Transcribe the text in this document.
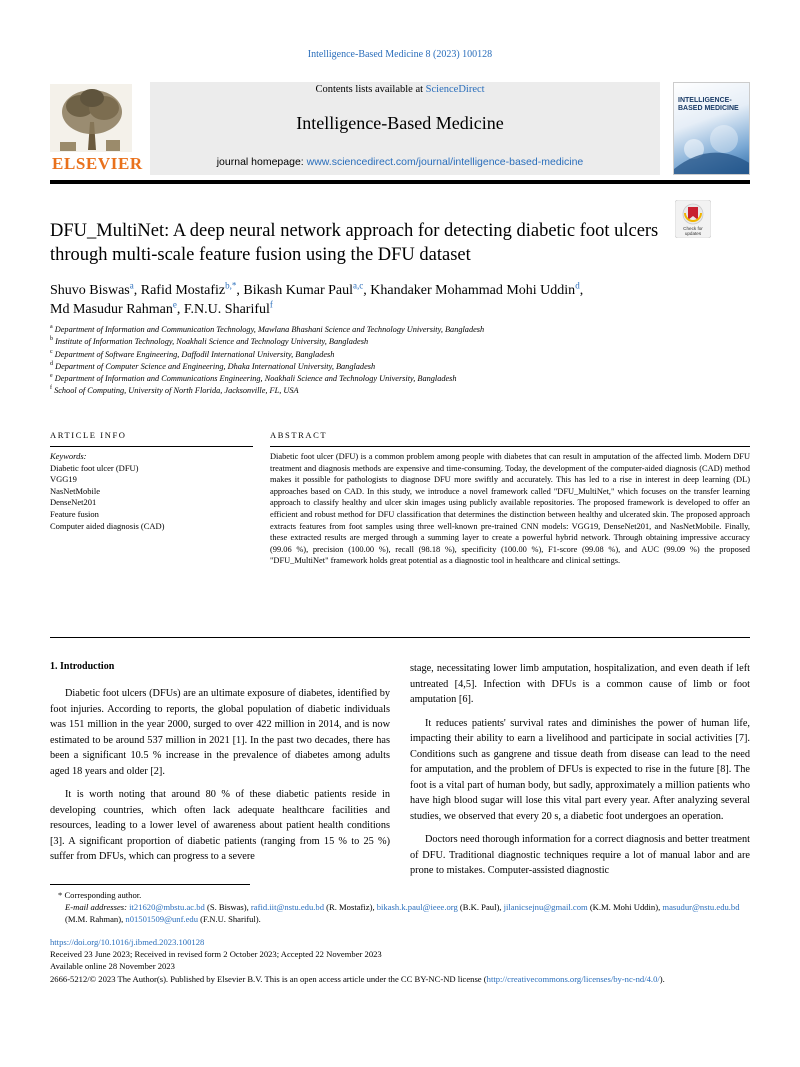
Intelligence-Based Medicine 8 (2023) 100128
ELSEVIER
Contents lists available at ScienceDirect
Intelligence-Based Medicine
journal homepage: www.sciencedirect.com/journal/intelligence-based-medicine
INTELLIGENCE-BASED MEDICINE
DFU_MultiNet: A deep neural network approach for detecting diabetic foot ulcers through multi-scale feature fusion using the DFU dataset
Check for updates
Shuvo Biswas$^a$, Rafid Mostafiz$^{b,*}$, Bikash Kumar Paul$^{a,c}$, Khandaker Mohammad Mohi Uddin$^d$,
Md Masudur Rahman$^e$, F.N.U. Shariful$^f$
$^a$ Department of Information and Communication Technology, Mawlana Bhashani Science and Technology University, Bangladesh
$^b$ Institute of Information Technology, Noakhali Science and Technology University, Bangladesh
$^c$ Department of Software Engineering, Daffodil International University, Bangladesh
$^d$ Department of Computer Science and Engineering, Dhaka International University, Bangladesh
$^e$ Department of Information and Communications Engineering, Noakhali Science and Technology University, Bangladesh
$^f$ School of Computing, University of North Florida, Jacksonville, FL, USA
ARTICLE INFO	ABSTRACT
Keywords:
Diabetic foot ulcer (DFU)
VGG19
NasNetMobile
DenseNet201
Feature fusion
Computer aided diagnosis (CAD)
Diabetic foot ulcer (DFU) is a common problem among people with diabetes that can result in amputation of the affected limb. Modern DFU treatment and diagnosis methods are expensive and time-consuming. Today, the development of the computer-aided diagnosis (CAD) method makes it possible for pathologists to diagnose DFU more swiftly and accurately. This has led to a rise in interest in deep learning (DL) approaches based on CAD. In this study, we introduce a novel framework called "DFU_MultiNet," which focuses on the transfer learning approach to classify healthy and ulcer skin images using publicly available repositories. The proposed framework is developed to offer an efficient and robust method for DFU classification that determines the distinction between healthy and ulcerated skin. The proposed approach extracts features from foot samples using three well-known pre-trained CNN models: VGG19, DenseNet201, and NasNetMobile. Finally, these extracted results are merged through a summing layer to create a powerful hybrid network. Through obtaining impressive accuracy (99.06 %), precision (100.00 %), recall (98.18 %), specificity (100.00 %), F1-score (99.08 %), and AUC (99.09 %) the proposed "DFU_MultiNet" framework holds great potential as a diagnostic tool in healthcare and clinical settings.
1. Introduction

Diabetic foot ulcers (DFUs) are an ultimate exposure of diabetes, identified by foot injuries. According to reports, the global population of diabetic individuals was 151 million in the year 2000, surged to over 422 million in 2014, and is now estimated to be around 537 million in 2021 [1]. In the past two decades, there has been a significant 10.5 % increase in the prevalence of diabetes among adults aged 18 years and older [2].

It is worth noting that around 80 % of these diabetic patients reside in developing countries, which often lack adequate healthcare facilities and resources, leading to a lower level of awareness about patient health conditions [3]. A significant proportion of diabetic patients (ranging from 15 % to 25 %) suffer from DFUs, which can progress to a severe

stage, necessitating lower limb amputation, hospitalization, and even death if left untreated [4,5]. Infection with DFUs is a common cause of limb or foot amputation [6].

It reduces patients' survival rates and diminishes the power of human life, impacting their ability to earn a livelihood and participate in social activities [7]. Conditions such as gangrene and tissue death from disease can lead to the need for amputation, and the problem of DFUs is expected to rise in the future [8]. The foot is a vital part of human body, but sadly, approximately a million patients who have high blood sugar will lose this vital part every year. After analyzing several studies, we observed that every 20 s, a diabetic foot undergoes an operation.

Doctors need thorough information for a correct diagnosis and better treatment of DFU. Traditional diagnostic techniques require a lot of manual labor and are prone to mistakes. Computer-assisted diagnostic

* Corresponding author.
E-mail addresses: it21620@mbstu.ac.bd (S. Biswas), rafid.iit@nstu.edu.bd (R. Mostafiz), bikash.k.paul@ieee.org (B.K. Paul), jilanicsejnu@gmail.com (K.M. Mohi Uddin), masudur@nstu.edu.bd (M.M. Rahman), n01501509@unf.edu (F.N.U. Shariful).
https://doi.org/10.1016/j.ibmed.2023.100128
Received 23 June 2023; Received in revised form 2 October 2023; Accepted 22 November 2023
Available online 28 November 2023
2666-5212/© 2023 The Author(s). Published by Elsevier B.V. This is an open access article under the CC BY-NC-ND license (http://creativecommons.org/licenses/by-nc-nd/4.0/).
